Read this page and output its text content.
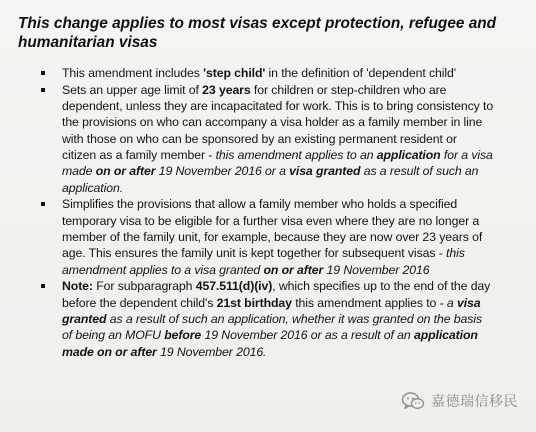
This change applies to most visas except protection, refugee and humanitarian visas
This amendment includes 'step child' in the definition of 'dependent child'
Sets an upper age limit of 23 years for children or step-children who are dependent, unless they are incapacitated for work. This is to bring consistency to the provisions on who can accompany a visa holder as a family member in line with those on who can be sponsored by an existing permanent resident or citizen as a family member - this amendment applies to an application for a visa made on or after 19 November 2016 or a visa granted as a result of such an application.
Simplifies the provisions that allow a family member who holds a specified temporary visa to be eligible for a further visa even where they are no longer a member of the family unit, for example, because they are now over 23 years of age. This ensures the family unit is kept together for subsequent visas - this amendment applies to a visa granted on or after 19 November 2016
Note: For subparagraph 457.511(d)(iv), which specifies up to the end of the day before the dependent child's 21st birthday this amendment applies to - a visa granted as a result of such an application, whether it was granted on the basis of being an MOFU before 19 November 2016 or as a result of an application made on or after 19 November 2016.
嘉德瑞信移民
